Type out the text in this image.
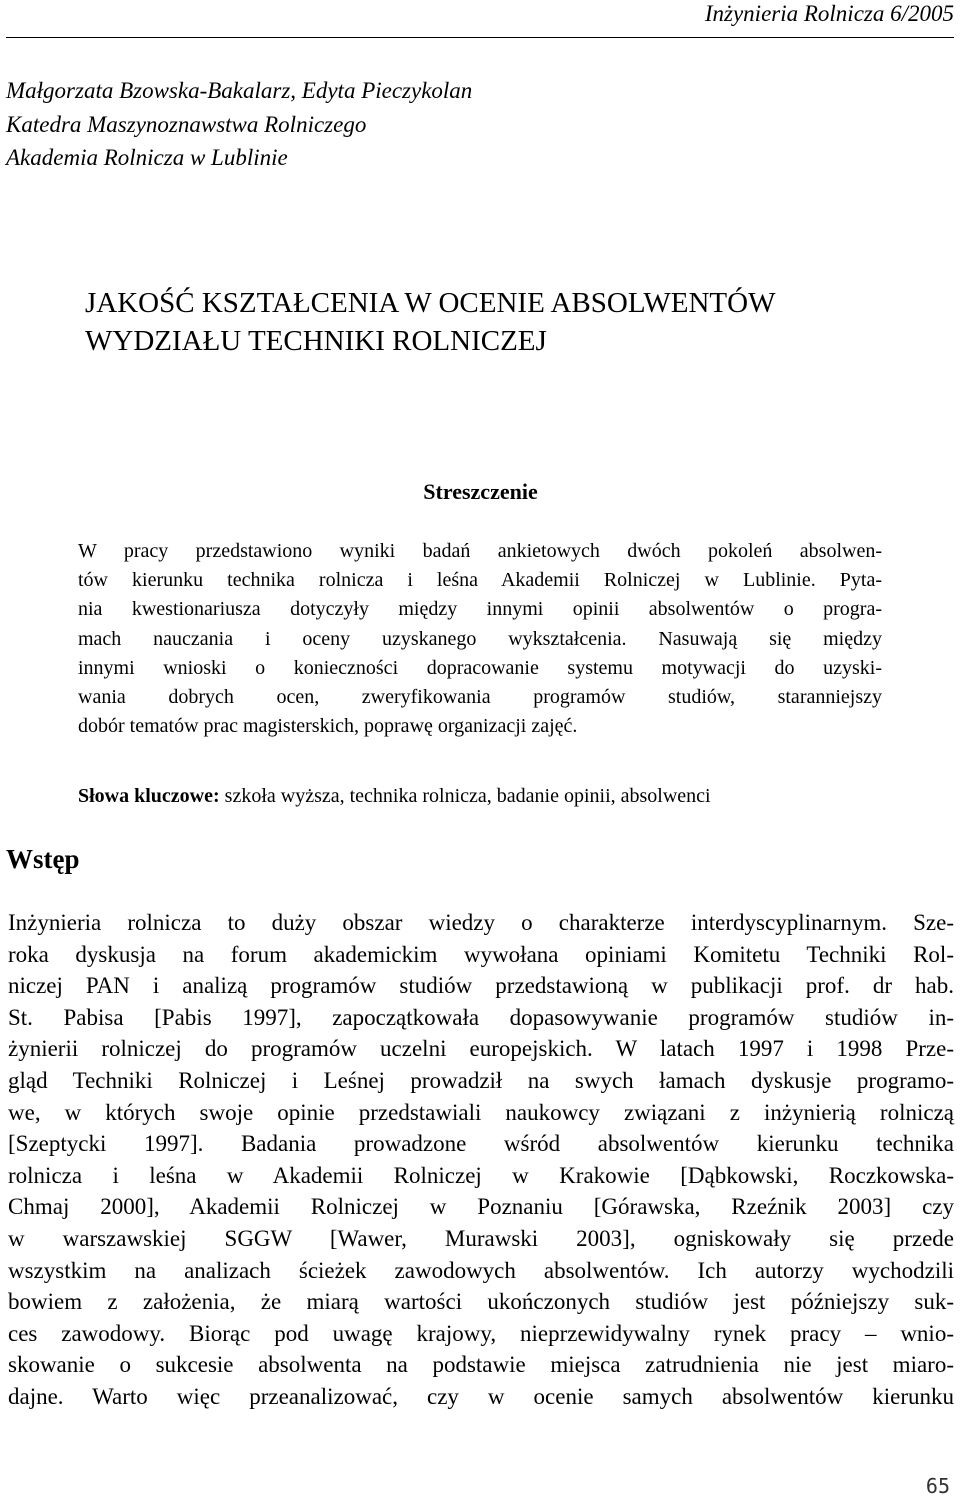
Inżynieria Rolnicza 6/2005
Małgorzata Bzowska-Bakalarz, Edyta Pieczykolan
Katedra Maszynoznawstwa Rolniczego
Akademia Rolnicza w Lublinie
JAKOŚĆ KSZTAŁCENIA W OCENIE ABSOLWENTÓW
WYDZIAŁU TECHNIKI ROLNICZEJ
Streszczenie
W pracy przedstawiono wyniki badań ankietowych dwóch pokoleń absolwen-
tów kierunku technika rolnicza i leśna Akademii Rolniczej w Lublinie. Pyta-
nia kwestionariusza dotyczyły między innymi opinii absolwentów o progra-
mach nauczania i oceny uzyskanego wykształcenia. Nasuwają się między
innymi wnioski o konieczności dopracowanie systemu motywacji do uzyski-
wania dobrych ocen, zweryfikowania programów studiów, staranniejszy
dobór tematów prac magisterskich, poprawę organizacji zajęć.
Słowa kluczowe: szkoła wyższa, technika rolnicza, badanie opinii, absolwenci
Wstęp
Inżynieria rolnicza to duży obszar wiedzy o charakterze interdyscyplinarnym. Sze-
roka dyskusja na forum akademickim wywołana opiniami Komitetu Techniki Rol-
niczej PAN i analizą programów studiów przedstawioną w publikacji prof. dr hab.
St. Pabisa [Pabis 1997], zapoczątkowała dopasowywanie programów studiów in-
żynierii rolniczej do programów uczelni europejskich. W latach 1997 i 1998 Prze-
gląd Techniki Rolniczej i Leśnej prowadził na swych łamach dyskusje programo-
we, w których swoje opinie przedstawiali naukowcy związani z inżynierią rolniczą
[Szeptycki 1997]. Badania prowadzone wśród absolwentów kierunku technika
rolnicza i leśna w Akademii Rolniczej w Krakowie [Dąbkowski, Roczkowska-
Chmaj 2000], Akademii Rolniczej w Poznaniu [Górawska, Rzeźnik 2003] czy
w warszawskiej SGGW [Wawer, Murawski 2003], ogniskowały się przede
wszystkim na analizach ścieżek zawodowych absolwentów. Ich autorzy wychodzili
bowiem z założenia, że miarą wartości ukończonych studiów jest późniejszy suk-
ces zawodowy. Biorąc pod uwagę krajowy, nieprzewidywalny rynek pracy – wnio-
skowanie o sukcesie absolwenta na podstawie miejsca zatrudnienia nie jest miaro-
dajne. Warto więc przeanalizować, czy w ocenie samych absolwentów kierunku
65
